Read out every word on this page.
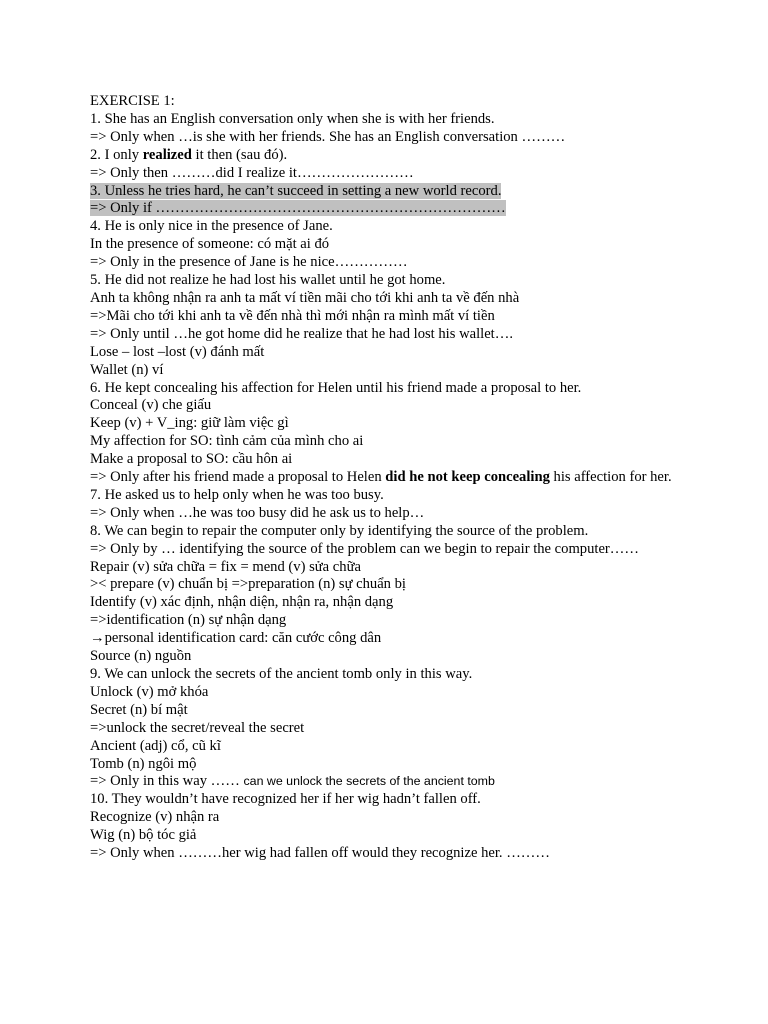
EXERCISE 1:
1. She has an English conversation only when she is with her friends.
=> Only when …is she with her friends. She has an English conversation ………
2. I only realized it then (sau đó).
=> Only then ………did I realize it……………………
3. Unless he tries hard, he can’t succeed in setting a new world record.
=> Only if ………………………………………………………………
4. He is only nice in the presence of Jane.
In the presence of someone: có mặt ai đó
=> Only in the presence of Jane is he nice……………
5. He did not realize he had lost his wallet until he got home.
Anh ta không nhận ra anh ta mất ví tiền mãi cho tới khi anh ta về đến nhà
=>Mãi cho tới khi anh ta về đến nhà thì mới nhận ra mình mất ví tiền
=> Only until …he got home did he realize that he had lost his wallet….
Lose – lost –lost (v) đánh mất
Wallet (n) ví
6. He kept concealing his affection for Helen until his friend made a proposal to her.
Conceal (v) che giấu
Keep (v) + V_ing: giữ làm việc gì
My affection for SO: tình cảm của mình cho ai
Make a proposal to SO: cầu hôn ai
=> Only after his friend made a proposal to Helen did he not keep concealing his affection for her.
7. He asked us to help only when he was too busy.
=> Only when …he was too busy did he ask us to help…
8. We can begin to repair the computer only by identifying the source of the problem.
=> Only by … identifying the source of the problem can we begin to repair the computer……
Repair (v) sửa chữa = fix = mend (v) sửa chữa
>< prepare (v) chuẩn bị =>preparation (n) sự chuẩn bị
Identify (v) xác định, nhận diện, nhận ra, nhận dạng
=>identification (n) sự nhận dạng
→personal identification card: căn cước công dân
Source (n) nguồn
9. We can unlock the secrets of the ancient tomb only in this way.
Unlock (v) mở khóa
Secret (n) bí mật
=>unlock the secret/reveal the secret
Ancient (adj) cổ, cũ kĩ
Tomb (n) ngôi mộ
=> Only in this way …… can we unlock the secrets of the ancient tomb
10. They wouldn’t have recognized her if her wig hadn’t fallen off.
Recognize (v) nhận ra
Wig (n) bộ tóc giả
=> Only when ………her wig had fallen off would they recognize her. ………
